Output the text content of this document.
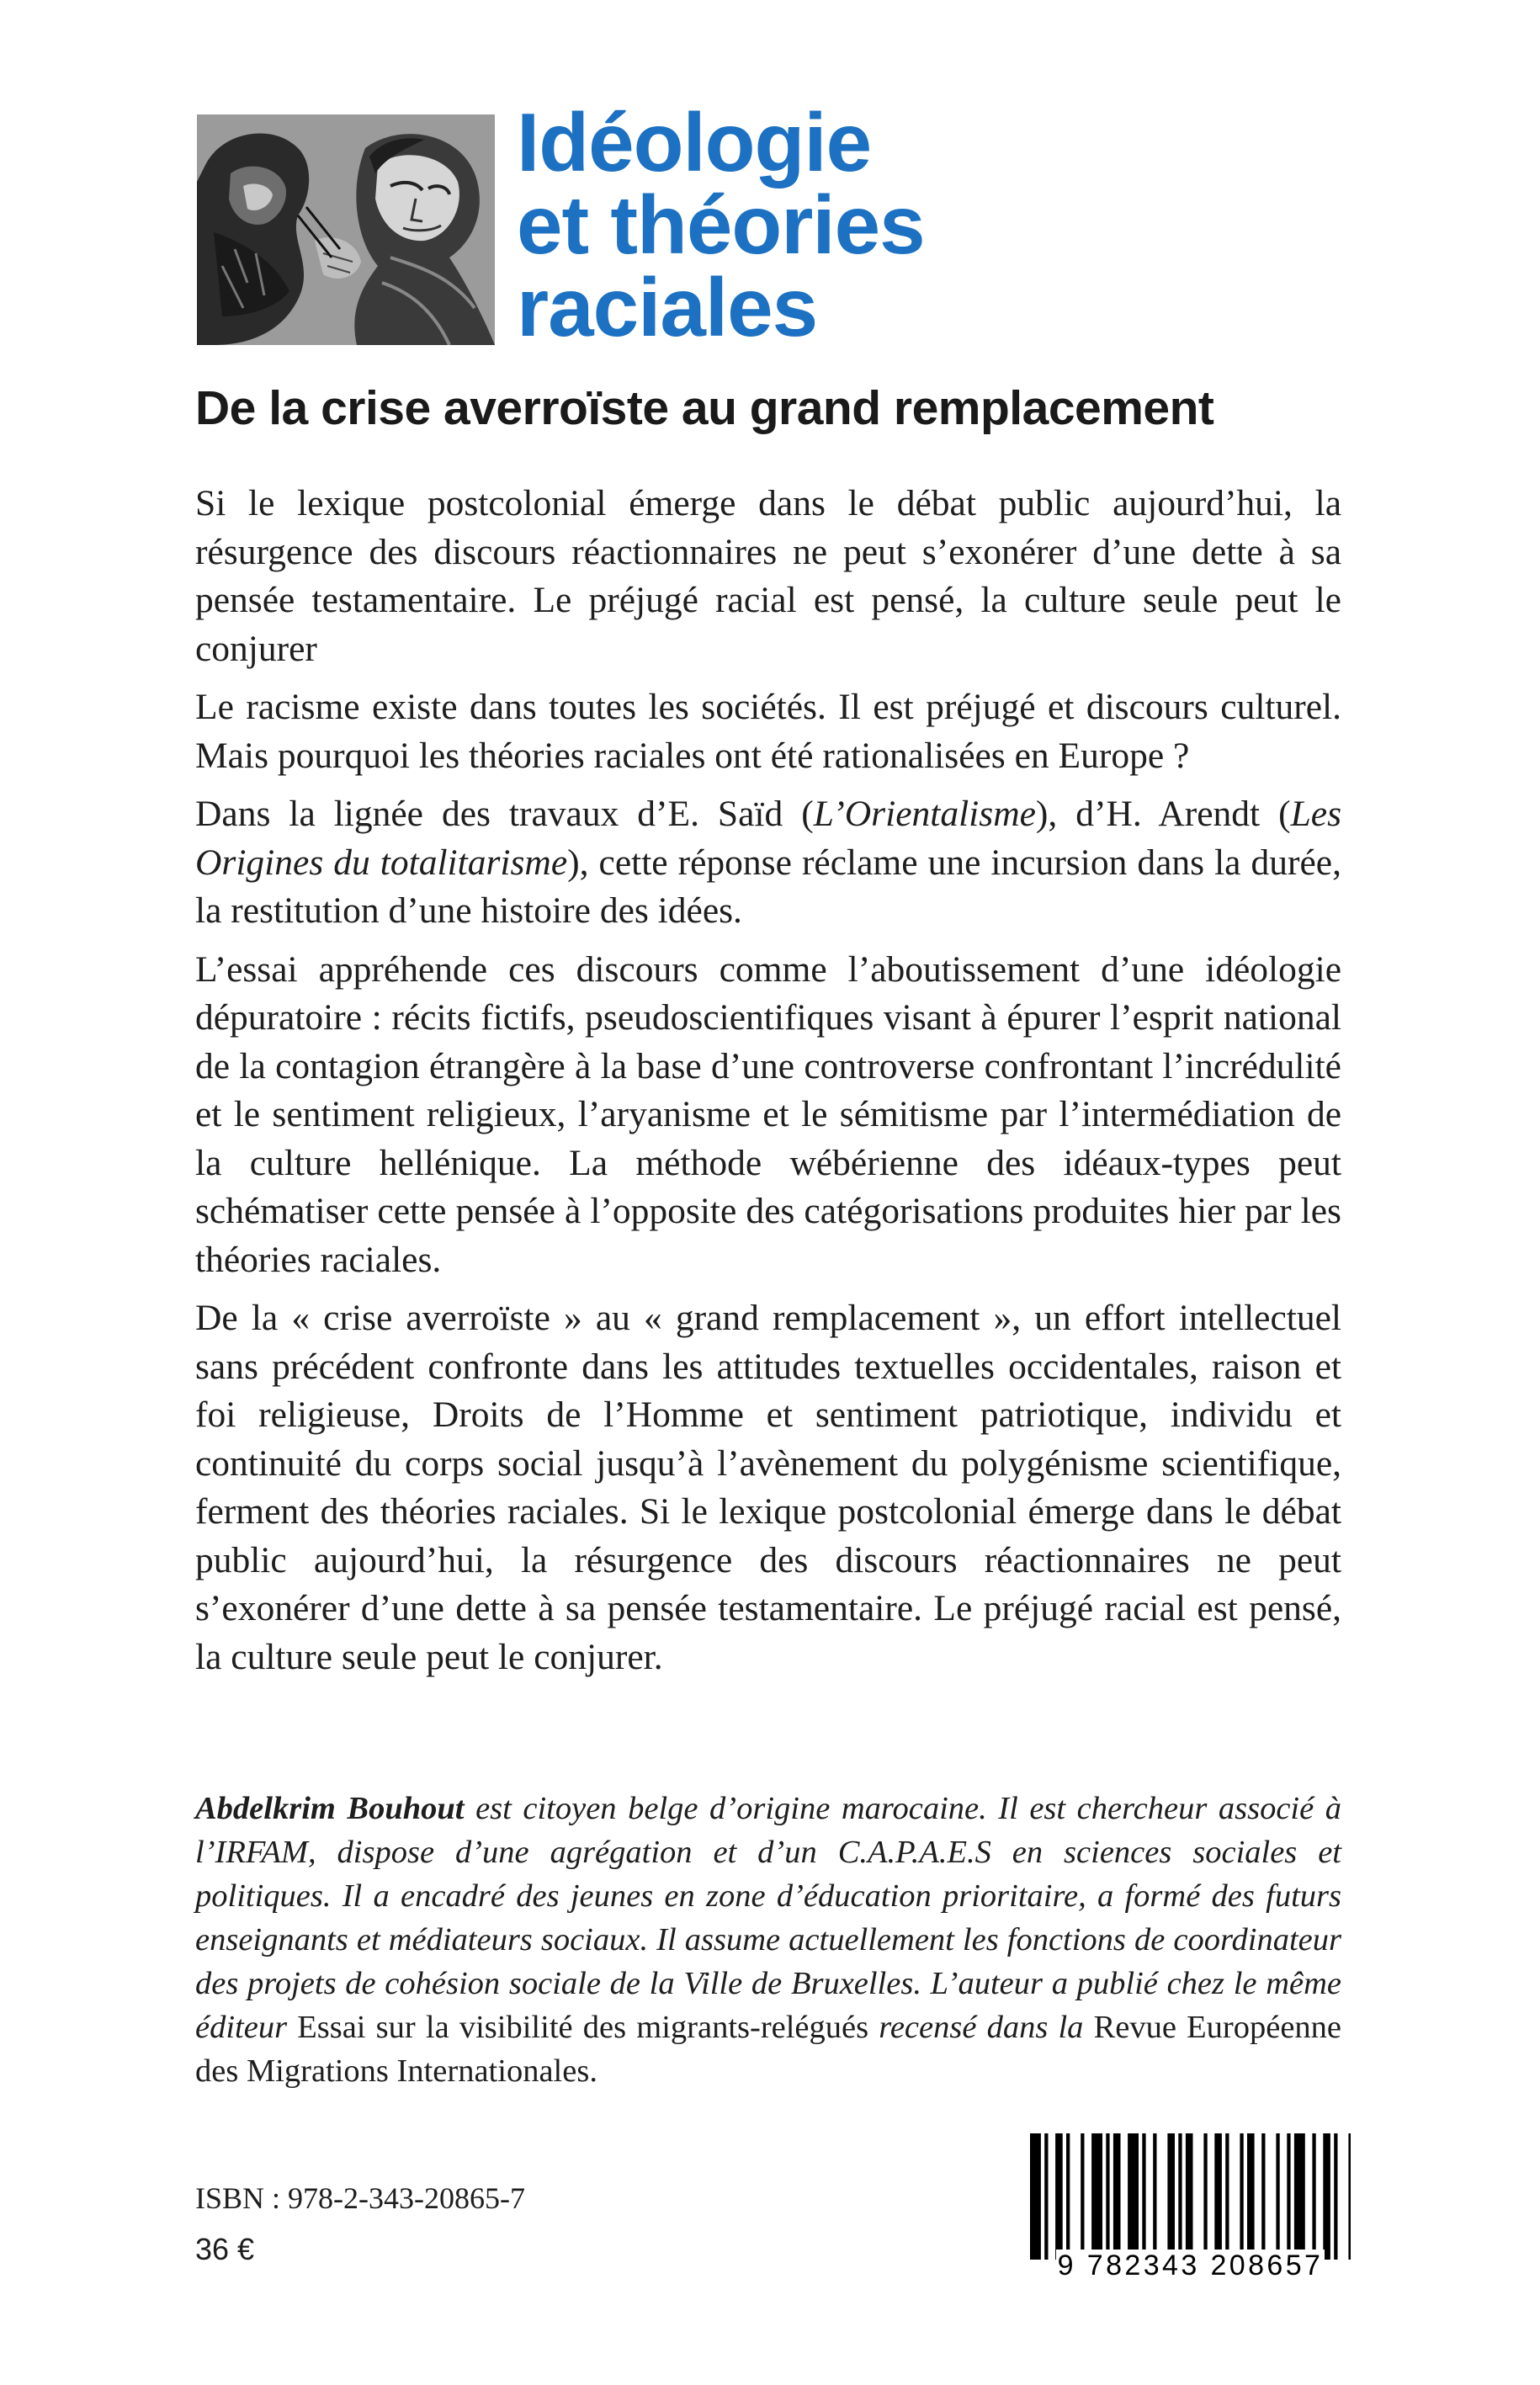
Idéologie
et théories
raciales
De la crise averroïste au grand remplacement

Si le lexique postcolonial émerge dans le débat public aujourd’hui, la résurgence des discours réactionnaires ne peut s’exonérer d’une dette à sa pensée testamentaire. Le préjugé racial est pensé, la culture seule peut le conjurer

Le racisme existe dans toutes les sociétés. Il est préjugé et discours culturel. Mais pourquoi les théories raciales ont été rationalisées en Europe ?

Dans la lignée des travaux d’E. Saïd (L’Orientalisme), d’H. Arendt (Les Origines du totalitarisme), cette réponse réclame une incursion dans la durée, la restitution d’une histoire des idées.

L’essai appréhende ces discours comme l’aboutissement d’une idéologie dépuratoire : récits fictifs, pseudoscientifiques visant à épurer l’esprit national de la contagion étrangère à la base d’une controverse confrontant l’incrédulité et le sentiment religieux, l’aryanisme et le sémitisme par l’intermédiation de la culture hellénique. La méthode wébérienne des idéaux-types peut schématiser cette pensée à l’opposite des catégorisations produites hier par les théories raciales.

De la « crise averroïste » au « grand remplacement », un effort intellectuel sans précédent confronte dans les attitudes textuelles occidentales, raison et foi religieuse, Droits de l’Homme et sentiment patriotique, individu et continuité du corps social jusqu’à l’avènement du polygénisme scientifique, ferment des théories raciales. Si le lexique postcolonial émerge dans le débat public aujourd’hui, la résurgence des discours réactionnaires ne peut s’exonérer d’une dette à sa pensée testamentaire. Le préjugé racial est pensé, la culture seule peut le conjurer.

Abdelkrim Bouhout est citoyen belge d’origine marocaine. Il est chercheur associé à l’IRFAM, dispose d’une agrégation et d’un C.A.P.A.E.S en sciences sociales et politiques. Il a encadré des jeunes en zone d’éducation prioritaire, a formé des futurs enseignants et médiateurs sociaux. Il assume actuellement les fonctions de coordinateur des projets de cohésion sociale de la Ville de Bruxelles. L’auteur a publié chez le même éditeur Essai sur la visibilité des migrants-relégués recensé dans la Revue Européenne des Migrations Internationales.

ISBN : 978-2-343-20865-7
36 €	9 782343 208657
